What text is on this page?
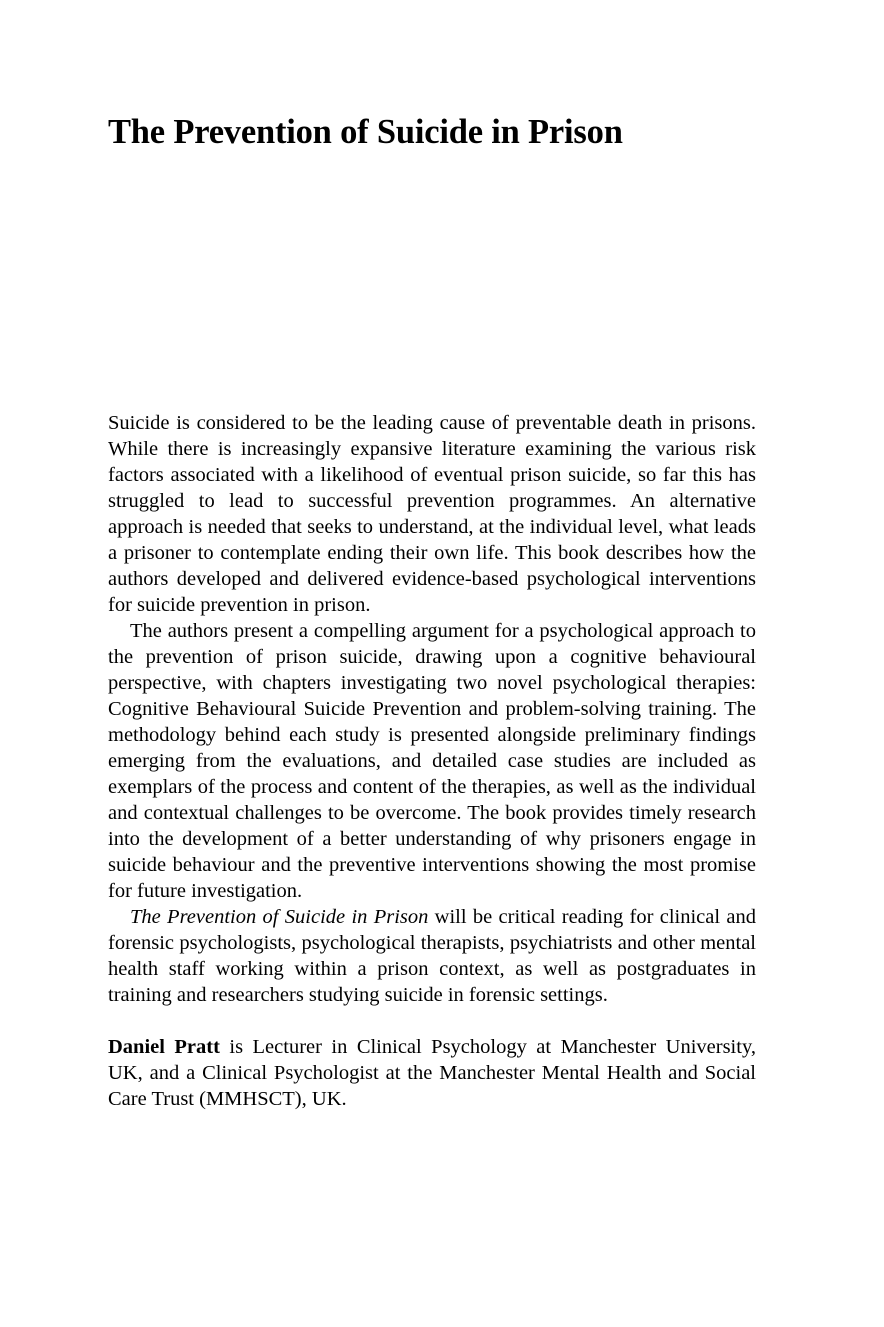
The Prevention of Suicide in Prison

Suicide is considered to be the leading cause of preventable death in prisons. While there is increasingly expansive literature examining the various risk factors associated with a likelihood of eventual prison suicide, so far this has struggled to lead to successful prevention programmes. An alternative approach is needed that seeks to understand, at the individual level, what leads a prisoner to contemplate ending their own life. This book describes how the authors developed and delivered evidence-based psychological interventions for suicide prevention in prison.

The authors present a compelling argument for a psychological approach to the prevention of prison suicide, drawing upon a cognitive behavioural perspective, with chapters investigating two novel psychological therapies: Cognitive Behavioural Suicide Prevention and problem-solving training. The methodology behind each study is presented alongside preliminary findings emerging from the evaluations, and detailed case studies are included as exemplars of the process and content of the therapies, as well as the individual and contextual challenges to be overcome. The book provides timely research into the development of a better understanding of why prisoners engage in suicide behaviour and the preventive interventions showing the most promise for future investigation.

The Prevention of Suicide in Prison will be critical reading for clinical and forensic psychologists, psychological therapists, psychiatrists and other mental health staff working within a prison context, as well as postgraduates in training and researchers studying suicide in forensic settings.

Daniel Pratt is Lecturer in Clinical Psychology at Manchester University, UK, and a Clinical Psychologist at the Manchester Mental Health and Social Care Trust (MMHSCT), UK.
